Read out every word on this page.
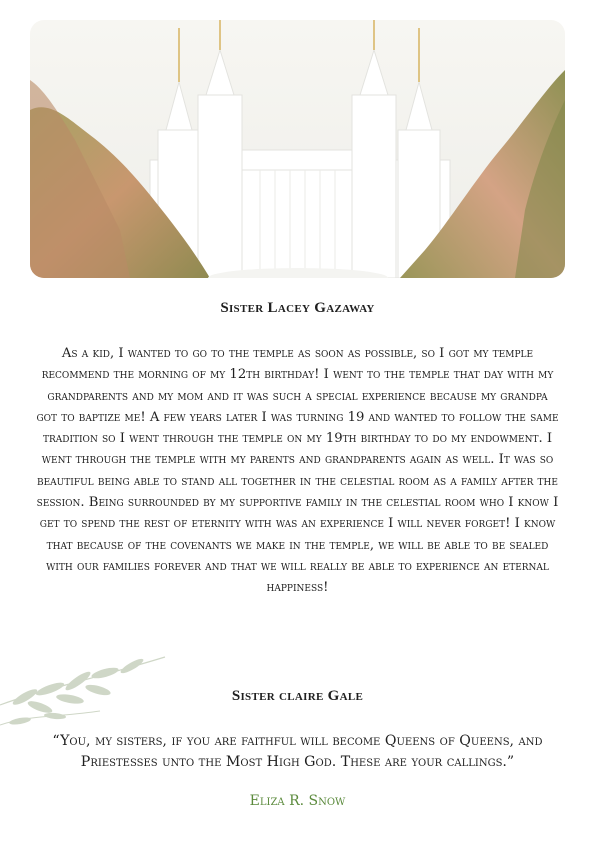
Sister Lacey Gazaway

As a kid, I wanted to go to the temple as soon as possible, so I got my temple recommend the morning of my 12th birthday! I went to the temple that day with my grandparents and my mom and it was such a special experience because my grandpa got to baptize me! A few years later I was turning 19 and wanted to follow the same tradition so I went through the temple on my 19th birthday to do my endowment. I went through the temple with my parents and grandparents again as well. It was so beautiful being able to stand all together in the celestial room as a family after the session. Being surrounded by my supportive family in the celestial room who I know I get to spend the rest of eternity with was an experience I will never forget! I know that because of the covenants we make in the temple, we will be able to be sealed with our families forever and that we will really be able to experience an eternal happiness!

Sister claire Gale

“You, my sisters, if you are faithful will become Queens of Queens, and Priestesses unto the Most High God. These are your callings.”

Eliza R. Snow
